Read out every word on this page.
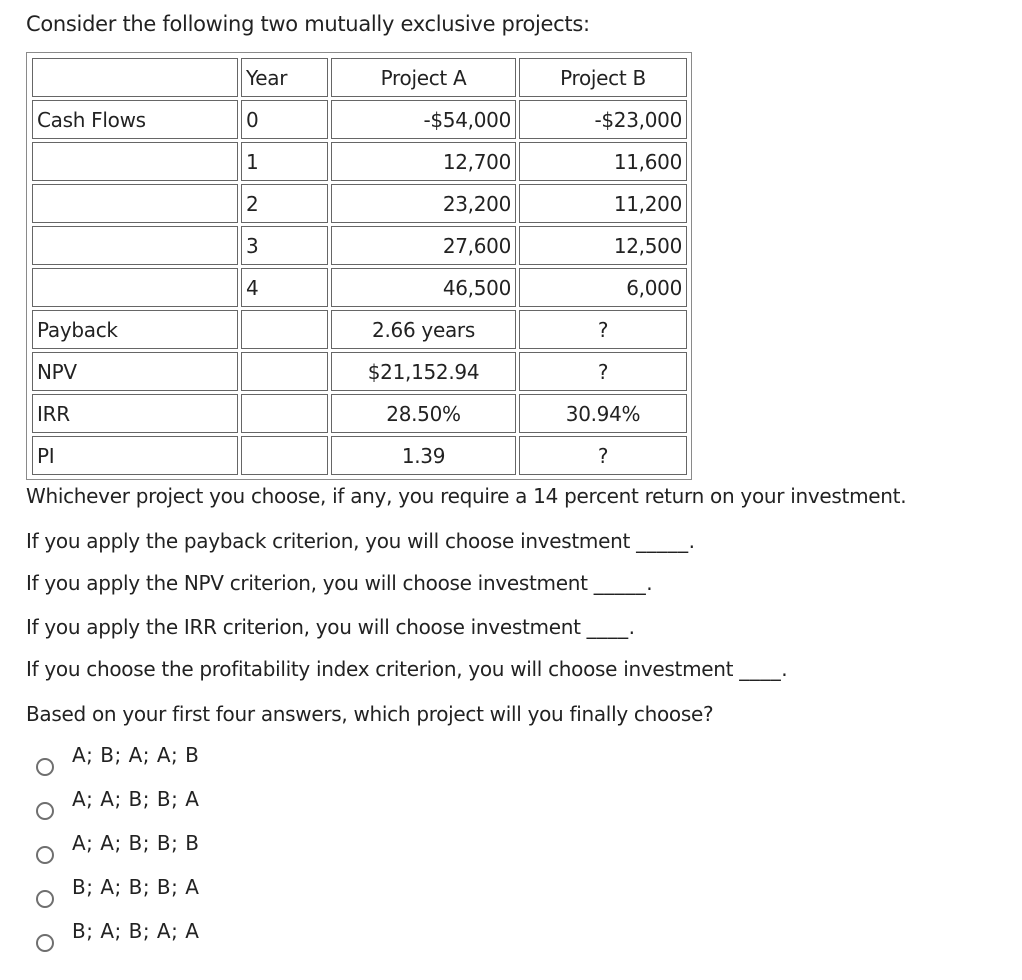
Consider the following two mutually exclusive projects:
	Year	Project A	Project B
Cash Flows	0	-$54,000	-$23,000
	1	12,700	11,600
	2	23,200	11,200
	3	27,600	12,500
	4	46,500	6,000
Payback		2.66 years	?
NPV		$21,152.94	?
IRR		28.50%	30.94%
PI		1.39	?
Whichever project you choose, if any, you require a 14 percent return on your investment.
If you apply the payback criterion, you will choose investment _____.
If you apply the NPV criterion, you will choose investment _____.
If you apply the IRR criterion, you will choose investment ____.
If you choose the profitability index criterion, you will choose investment ____.
Based on your first four answers, which project will you finally choose?
A; B; A; A; B
A; A; B; B; A
A; A; B; B; B
B; A; B; B; A
B; A; B; A; A
